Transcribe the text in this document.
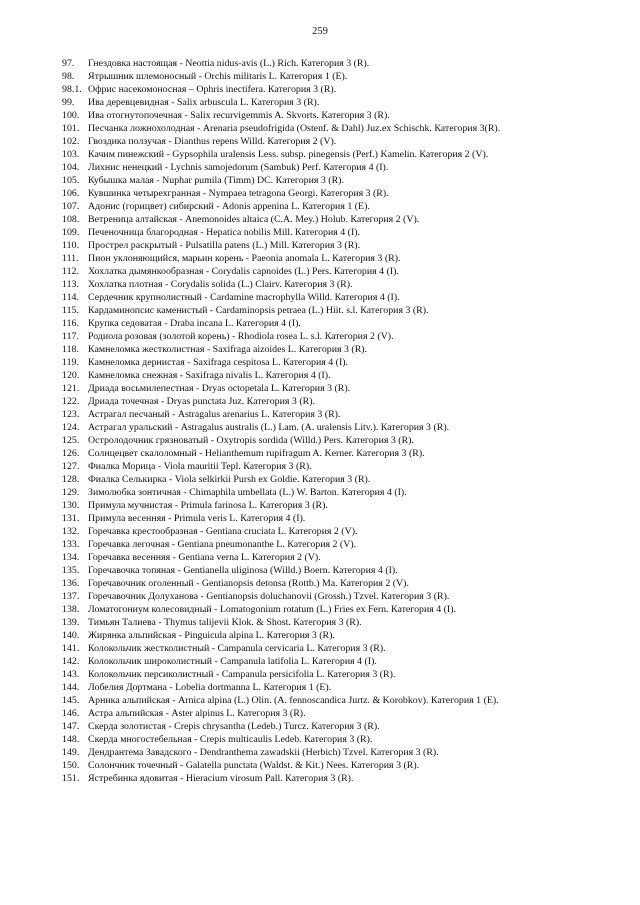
259
97.	Гнездовка настоящая - Neottia nidus-avis (L.) Rich. Категория 3 (R).
98.	Ятрышник шлемоносный - Orchis militaris L. Категория 1 (E).
98.1. Офрис насекомоносная – Ophris inectifera. Категория 3 (R).
99.	Ива деревцевидная - Salix arbuscula L. Категория 3 (R).
100. Ива отогнутопочечная - Salix recurvigemmis A. Skvorts. Категория 3 (R).
101. Песчанка ложнохолодная - Arenaria pseudofrigida (Ostenf. & Dahl) Juz.ex Schischk. Категория 3(R).
102. Гвоздика ползучая - Dianthus repens Willd. Категория 2 (V).
103. Качим пинежский - Gypsophila uralensis Less. subsp. pinegensis (Perf.) Kamelin. Категория 2 (V).
104. Лихнис ненецкий - Lychnis samojedorum (Sambuk) Perf. Категория 4 (I).
105. Кубышка малая - Nuphar pumila (Timm) DC. Категория 3 (R).
106. Кувшинка четырехгранная - Nympaea tetragona Georgi. Категория 3 (R).
107. Адонис (горицвет) сибирский - Adonis appenina L. Категория 1 (E).
108. Ветреница алтайская - Anemonoides altaica (C.A. Mey.) Holub. Категория 2 (V).
109. Печеночница благородная - Hepatica nobilis Mill. Категория 4 (I).
110. Прострел раскрытый - Pulsatilla patens (L.) Mill. Категория 3 (R).
111. Пион уклоняющийся, марьин корень - Paeonia anomala L. Категория 3 (R).
112. Хохлатка дымянкообразная - Corydalis capnoides (L.) Pers. Категория 4 (I).
113. Хохлатка плотная - Corydalis solida (L.) Clairv. Категория 3 (R).
114. Сердечник крупнолистный - Cardamine macrophylla Willd. Категория 4 (I).
115. Кардаминопсис каменистый - Cardaminopsis petraea (L.) Hiit. s.l. Категория 3 (R).
116. Крупка седоватая - Draba incana L. Категория 4 (I).
117. Родиола розовая (золотой корень) - Rhodiola rosea L. s.l. Категория 2 (V).
118. Камнеломка жестколистная - Saxifraga aizoides L. Категория 3 (R).
119. Камнеломка дернистая - Saxifraga cespitosa L. Категория 4 (I).
120. Камнеломка снежная - Saxifraga nivalis L. Категория 4 (I).
121. Дриада восьмилепестная - Dryas octopetala L. Категория 3 (R).
122. Дриада точечная - Dryas punctata Juz. Категория 3 (R).
123. Астрагал песчаный - Astragalus arenarius L. Категория 3 (R).
124. Астрагал уральский - Astragalus australis (L.) Lam. (A. uralensis Litv.). Категория 3 (R).
125. Остролодочник грязноватый - Oxytropis sordida (Willd.) Pers. Категория 3 (R).
126. Солнцецвет скалоломный - Helianthemum rupifragum A. Kerner. Категория 3 (R).
127. Фиалка Морица - Viola mauritii Tepl. Категория 3 (R).
128. Фиалка Селькирка - Viola selkirkii Pursh ex Goldie. Категория 3 (R).
129. Зимолюбка зонтичная - Chimaphila umbellata (L.) W. Barton. Категория 4 (I).
130. Примула мучнистая - Primula farinosa L. Категория 3 (R).
131. Примула весенняя - Primula veris L. Категория 4 (I).
132. Горечавка крестообразная - Gentiana cruciata L. Категория 2 (V).
133. Горечавка легочная - Gentiana pneumonanthe L. Категория 2 (V).
134. Горечавка весенняя - Gentiana verna L. Категория 2 (V).
135. Горечавочка топяная - Gentianella uliginosa (Willd.) Boern. Категория 4 (I).
136. Горечавочник оголенный - Gentianopsis detonsa (Rottb.) Ma. Категория 2 (V).
137. Горечавочник Долуханова - Gentianopsis doluchanovii (Grossh.) Tzvel. Категория 3 (R).
138. Ломатогониум колесовидный - Lomatogonium rotatum (L.) Fries ex Fern. Категория 4 (I).
139. Тимьян Талиева - Thymus talijevii Klok. & Shost. Категория 3 (R).
140. Жирянка альпийская - Pinguicula alpina L. Категория 3 (R).
141. Колокольчик жестколистный - Campanula cervicaria L. Категория 3 (R).
142. Колокольчик широколистный - Campanula latifolia L. Категория 4 (I).
143. Колокольчик персиколистный - Campanula persicifolia L. Категория 3 (R).
144. Лобелия Дортмана - Lobelia dortmanna L. Категория 1 (E).
145. Арника альпийская - Arnica alpina (L.) Olin. (A. fennoscandica Jurtz. & Korobkov). Категория 1 (E).
146. Астра альпийская - Aster alpinus L. Категория 3 (R).
147. Скерда золотистая - Crepis chrysantha (Ledeb.) Turcz. Категория 3 (R).
148. Скерда многостебельная - Crepis multicaulis Ledeb. Категория 3 (R).
149. Дендрантема Завадского - Dendranthema zawadskii (Herbich) Tzvel. Категория 3 (R).
150. Солончник точечный - Galatella punctata (Waldst. & Kit.) Nees. Категория 3 (R).
151. Ястребинка ядовитая - Hieracium virosum Pall. Категория 3 (R).
